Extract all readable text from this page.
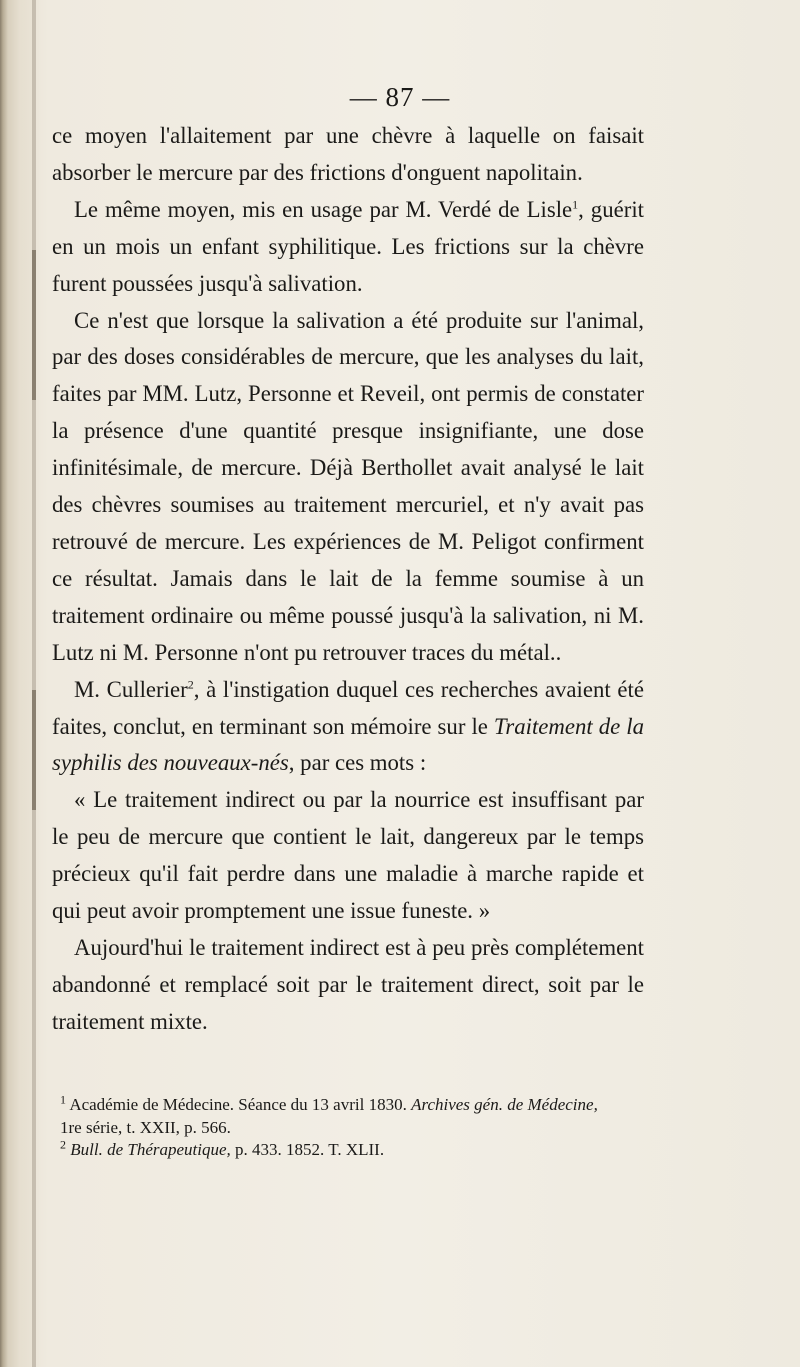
— 87 —

ce moyen l'allaitement par une chèvre à laquelle on faisait absorber le mercure par des frictions d'onguent napolitain.

Le même moyen, mis en usage par M. Verdé de Lisle$^1$, guérit en un mois un enfant syphilitique. Les frictions sur la chèvre furent poussées jusqu'à salivation.

Ce n'est que lorsque la salivation a été produite sur l'animal, par des doses considérables de mercure, que les analyses du lait, faites par MM. Lutz, Personne et Reveil, ont permis de constater la présence d'une quantité presque insignifiante, une dose infinitésimale, de mercure. Déjà Berthollet avait analysé le lait des chèvres soumises au traitement mercuriel, et n'y avait pas retrouvé de mercure. Les expériences de M. Peligot confirment ce résultat. Jamais dans le lait de la femme soumise à un traitement ordinaire ou même poussé jusqu'à la salivation, ni M. Lutz ni M. Personne n'ont pu retrouver traces du métal..

M. Cullerier$^2$, à l'instigation duquel ces recherches avaient été faites, conclut, en terminant son mémoire sur le Traitement de la syphilis des nouveaux-nés, par ces mots :

« Le traitement indirect ou par la nourrice est insuffisant par le peu de mercure que contient le lait, dangereux par le temps précieux qu'il fait perdre dans une maladie à marche rapide et qui peut avoir promptement une issue funeste. »

Aujourd'hui le traitement indirect est à peu près complétement abandonné et remplacé soit par le traitement direct, soit par le traitement mixte.

$^1$ Académie de Médecine. Séance du 13 avril 1830. Archives gén. de Médecine,
1re série, t. XXII, p. 566.

$^2$ Bull. de Thérapeutique, p. 433. 1852. T. XLII.
